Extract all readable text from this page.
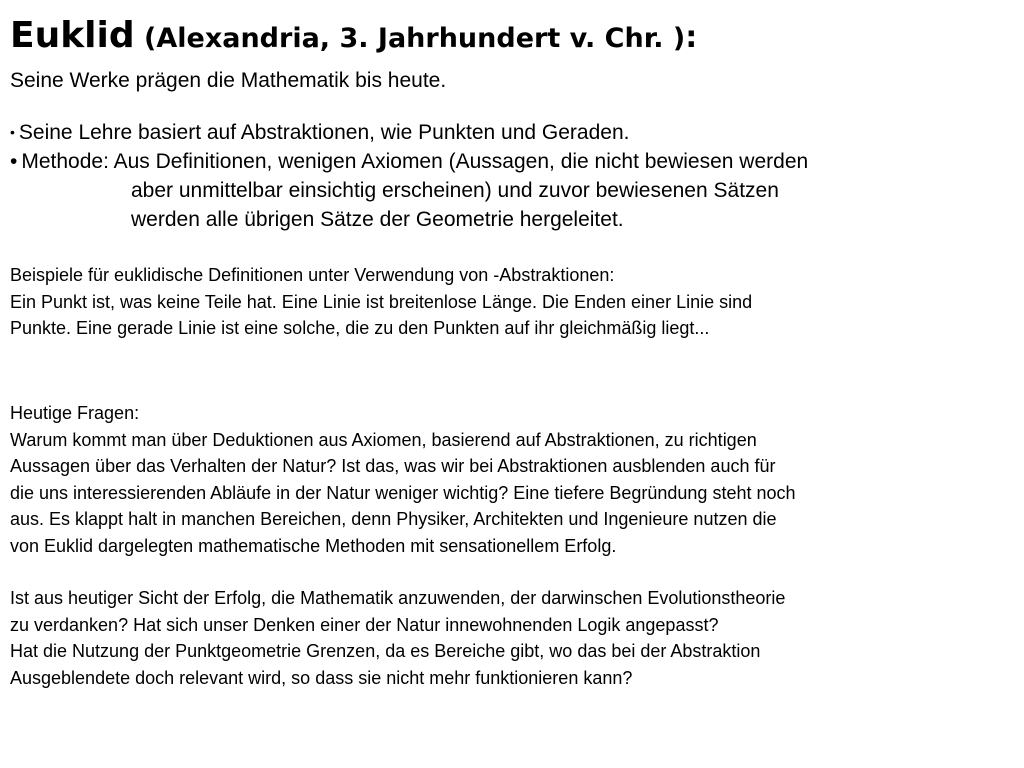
Euklid (Alexandria, 3. Jahrhundert v. Chr. ):

Seine Werke prägen die Mathematik bis heute.

• Seine Lehre basiert auf Abstraktionen, wie Punkten und Geraden.
• Methode: Aus Definitionen, wenigen Axiomen (Aussagen, die nicht bewiesen werden
aber unmittelbar einsichtig erscheinen) und zuvor bewiesenen Sätzen
werden alle übrigen Sätze der Geometrie hergeleitet.

Beispiele für euklidische Definitionen unter Verwendung von -Abstraktionen:
Ein Punkt ist, was keine Teile hat. Eine Linie ist breitenlose Länge. Die Enden einer Linie sind
Punkte. Eine gerade Linie ist eine solche, die zu den Punkten auf ihr gleichmäßig liegt...

Heutige Fragen:
Warum kommt man über Deduktionen aus Axiomen, basierend auf Abstraktionen, zu richtigen
Aussagen über das Verhalten der Natur? Ist das, was wir bei Abstraktionen ausblenden auch für
die uns interessierenden Abläufe in der Natur weniger wichtig? Eine tiefere Begründung steht noch
aus. Es klappt halt in manchen Bereichen, denn Physiker, Architekten und Ingenieure nutzen die
von Euklid dargelegten mathematische Methoden mit sensationellem Erfolg.

Ist aus heutiger Sicht der Erfolg, die Mathematik anzuwenden, der darwinschen Evolutionstheorie
zu verdanken? Hat sich unser Denken einer der Natur innewohnenden Logik angepasst?
Hat die Nutzung der Punktgeometrie Grenzen, da es Bereiche gibt, wo das bei der Abstraktion
Ausgeblendete doch relevant wird, so dass sie nicht mehr funktionieren kann?
